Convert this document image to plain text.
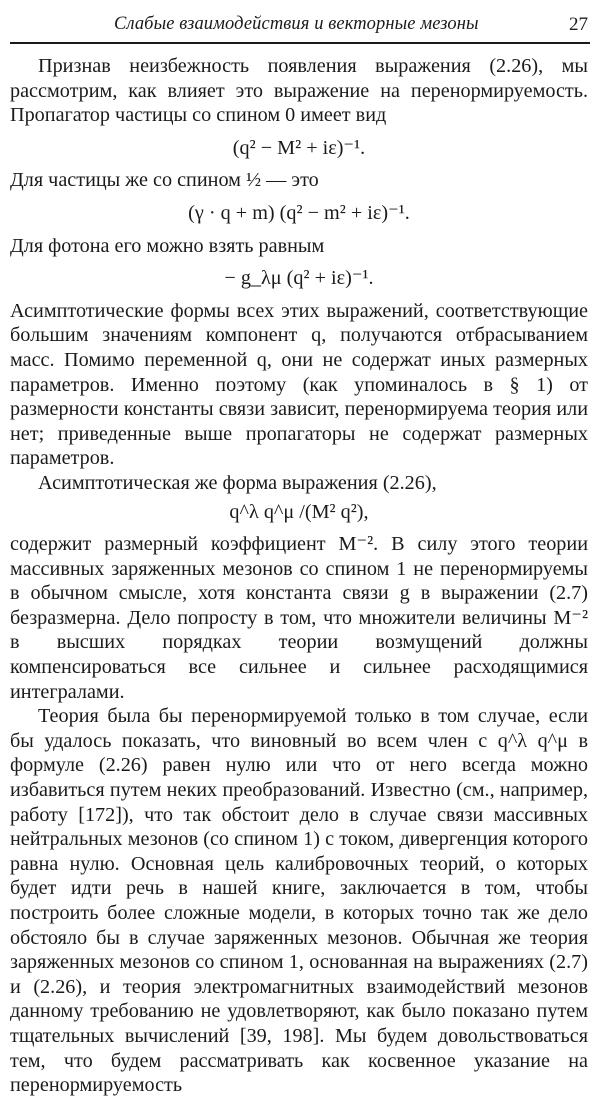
Слабые взаимодействия и векторные мезоны	27

Признав неизбежность появления выражения (2.26), мы рассмотрим, как влияет это выражение на перенормируемость. Пропагатор частицы со спином 0 имеет вид

(q² − M² + iε)⁻¹.

Для частицы же со спином ½ — это

(γ · q + m) (q² − m² + iε)⁻¹.

Для фотона его можно взять равным

− g_λμ (q² + iε)⁻¹.

Асимптотические формы всех этих выражений, соответствующие большим значениям компонент q, получаются отбрасыванием масс. Помимо переменной q, они не содержат иных размерных параметров. Именно поэтому (как упоминалось в § 1) от размерности константы связи зависит, перенормируема теория или нет; приведенные выше пропагаторы не содержат размерных параметров.

Асимптотическая же форма выражения (2.26),

q^λ q^μ /(M² q²),

содержит размерный коэффициент M⁻². В силу этого теории массивных заряженных мезонов со спином 1 не перенормируемы в обычном смысле, хотя константа связи g в выражении (2.7) безразмерна. Дело попросту в том, что множители величины M⁻² в высших порядках теории возмущений должны компенсироваться все сильнее и сильнее расходящимися интегралами.

Теория была бы перенормируемой только в том случае, если бы удалось показать, что виновный во всем член с q^λ q^μ в формуле (2.26) равен нулю или что от него всегда можно избавиться путем неких преобразований. Известно (см., например, работу [172]), что так обстоит дело в случае связи массивных нейтральных мезонов (со спином 1) с током, дивергенция которого равна нулю. Основная цель калибровочных теорий, о которых будет идти речь в нашей книге, заключается в том, чтобы построить более сложные модели, в которых точно так же дело обстояло бы в случае заряженных мезонов. Обычная же теория заряженных мезонов со спином 1, основанная на выражениях (2.7) и (2.26), и теория электромагнитных взаимодействий мезонов данному требованию не удовлетворяют, как было показано путем тщательных вычислений [39, 198]. Мы будем довольствоваться тем, что будем рассматривать как косвенное указание на перенормируемость
